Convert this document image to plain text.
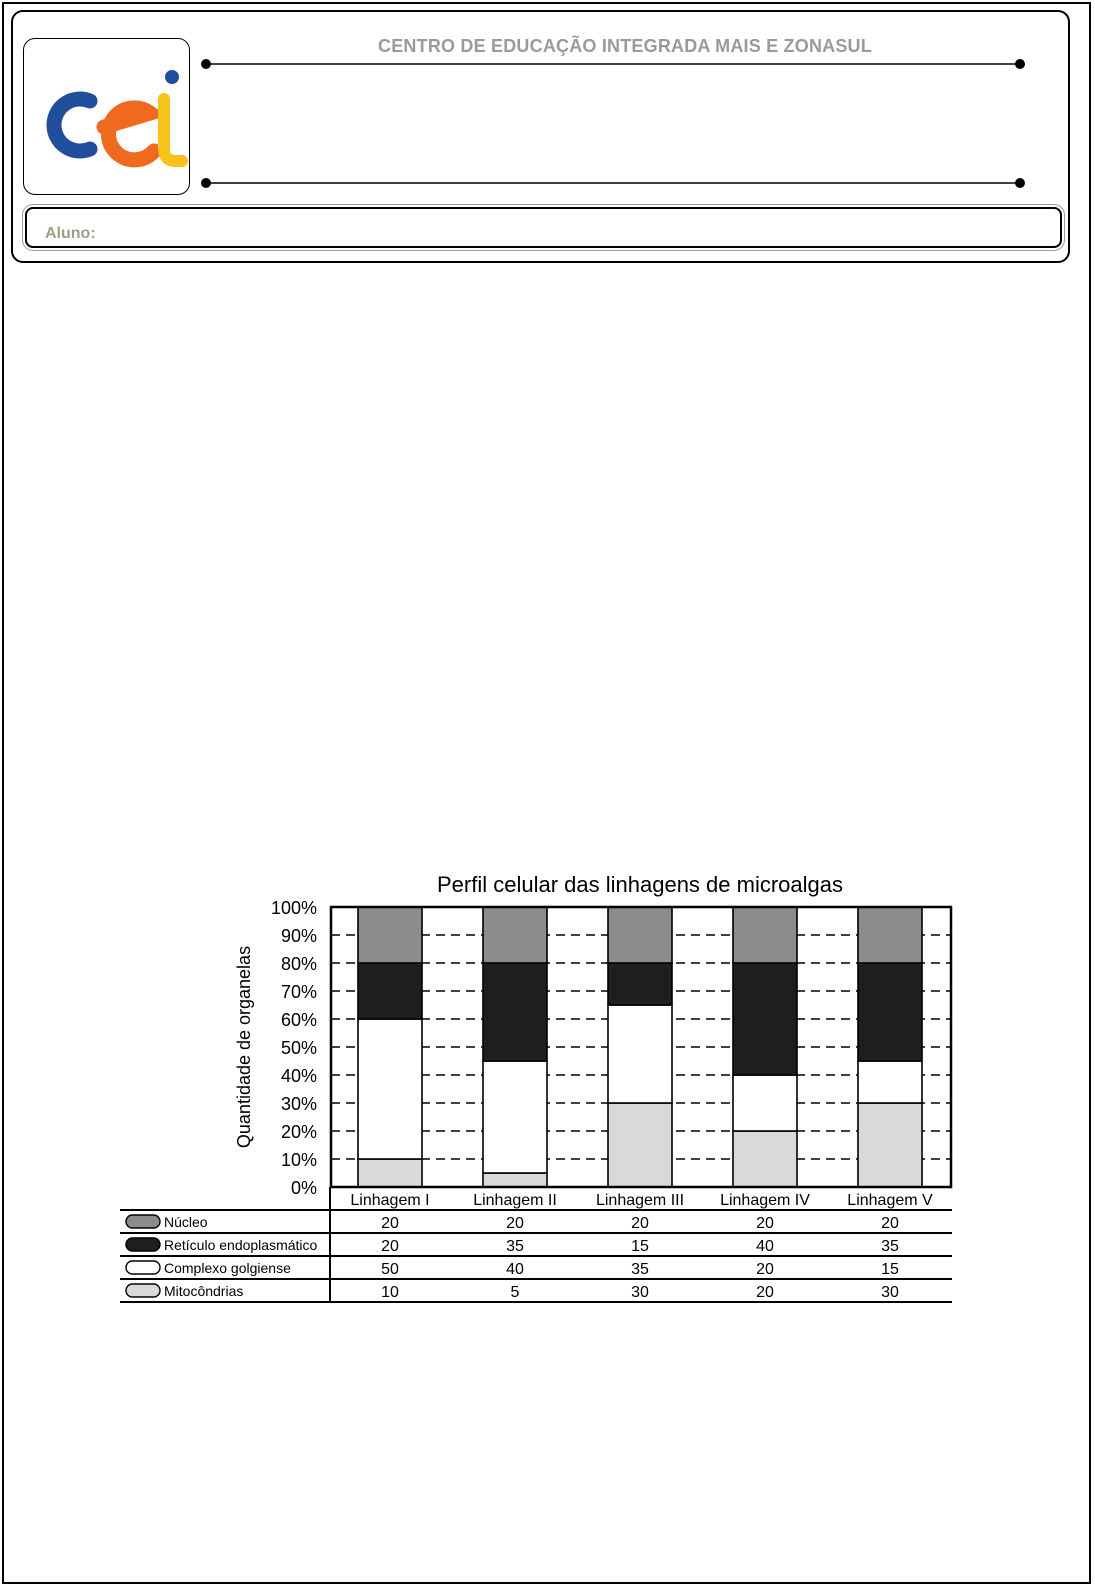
CENTRO DE EDUCAÇÃO INTEGRADA MAIS E ZONASUL
Aluno:
0%
10%
20%
30%
40%
50%
60%
70%
80%
90%
100%
Linhagem I	Linhagem II Linhagem III Linhagem IV Linhagem V
Perfil celular das linhagens de microalgas
Quantidade de organelas
Núcleo	20	20	20	20	20
Retículo endoplasmático	20	35	15	40	35
Complexo golgiense	50	40	35	20	15
Mitocôndrias	10	5	30	20	30
